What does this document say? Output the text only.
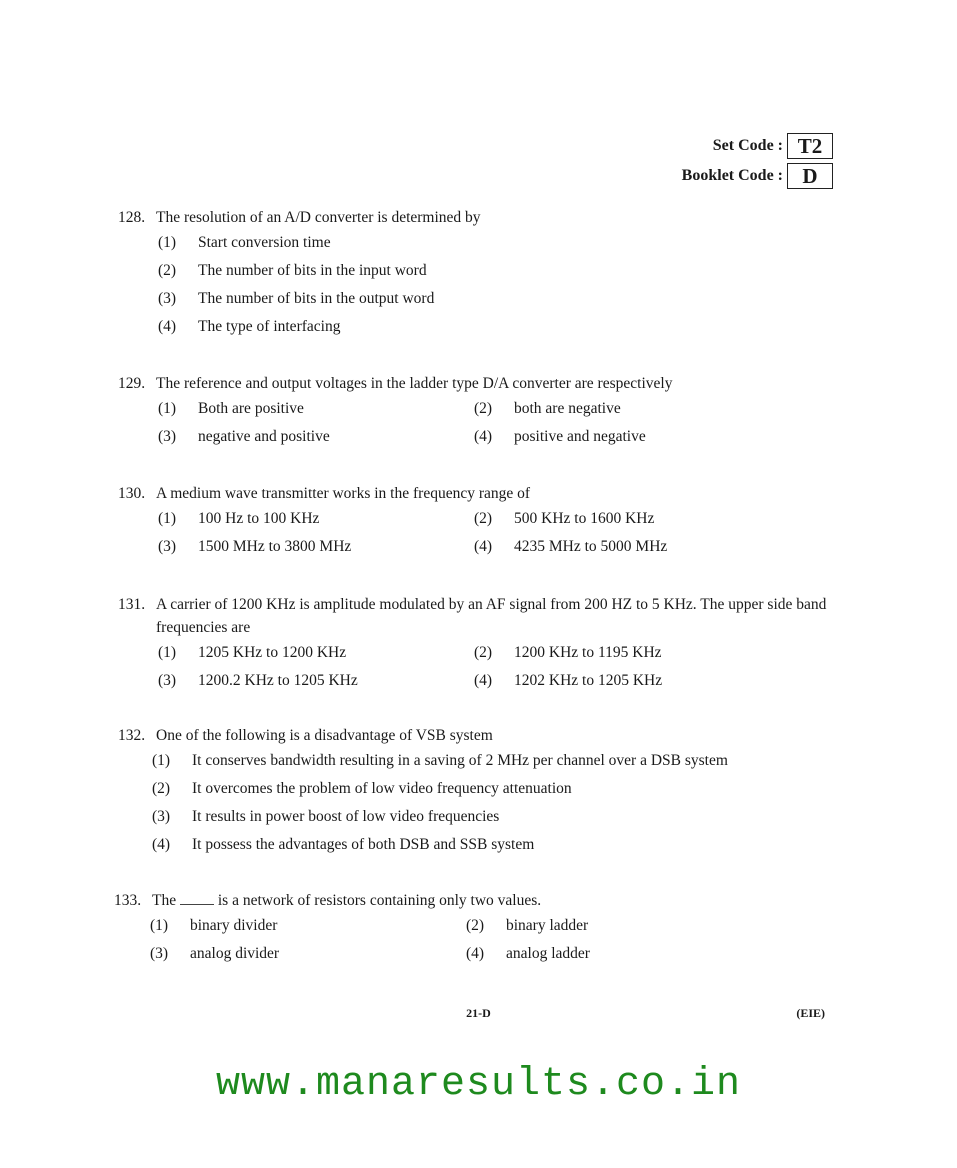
Set Code : T2
Booklet Code : D
128. The resolution of an A/D converter is determined by
(1)	Start conversion time
(2)	The number of bits in the input word
(3)	The number of bits in the output word
(4)	The type of interfacing
129. The reference and output voltages in the ladder type D/A converter are respectively
(1)	Both are positive	(2)	both are negative
(3)	negative and positive	(4)	positive and negative
130. A medium wave transmitter works in the frequency range of
(1)	100 Hz to 100 KHz	(2)	500 KHz to 1600 KHz
(3)	1500 MHz to 3800 MHz	(4)	4235 MHz to 5000 MHz
131. A carrier of 1200 KHz is amplitude modulated by an AF signal from 200 HZ to 5 KHz. The upper side band frequencies are
(1)	1205 KHz to 1200 KHz	(2)	1200 KHz to 1195 KHz
(3)	1200.2 KHz to 1205 KHz	(4)	1202 KHz to 1205 KHz
132. One of the following is a disadvantage of VSB system
(1)	It conserves bandwidth resulting in a saving of 2 MHz per channel over a DSB system
(2)	It overcomes the problem of low video frequency attenuation
(3)	It results in power boost of low video frequencies
(4)	It possess the advantages of both DSB and SSB system
133. The	is a network of resistors containing only two values.
(1)	binary divider	(2)	binary ladder
(3)	analog divider	(4)	analog ladder
21-D	(EIE)
www.manaresults.co.in
